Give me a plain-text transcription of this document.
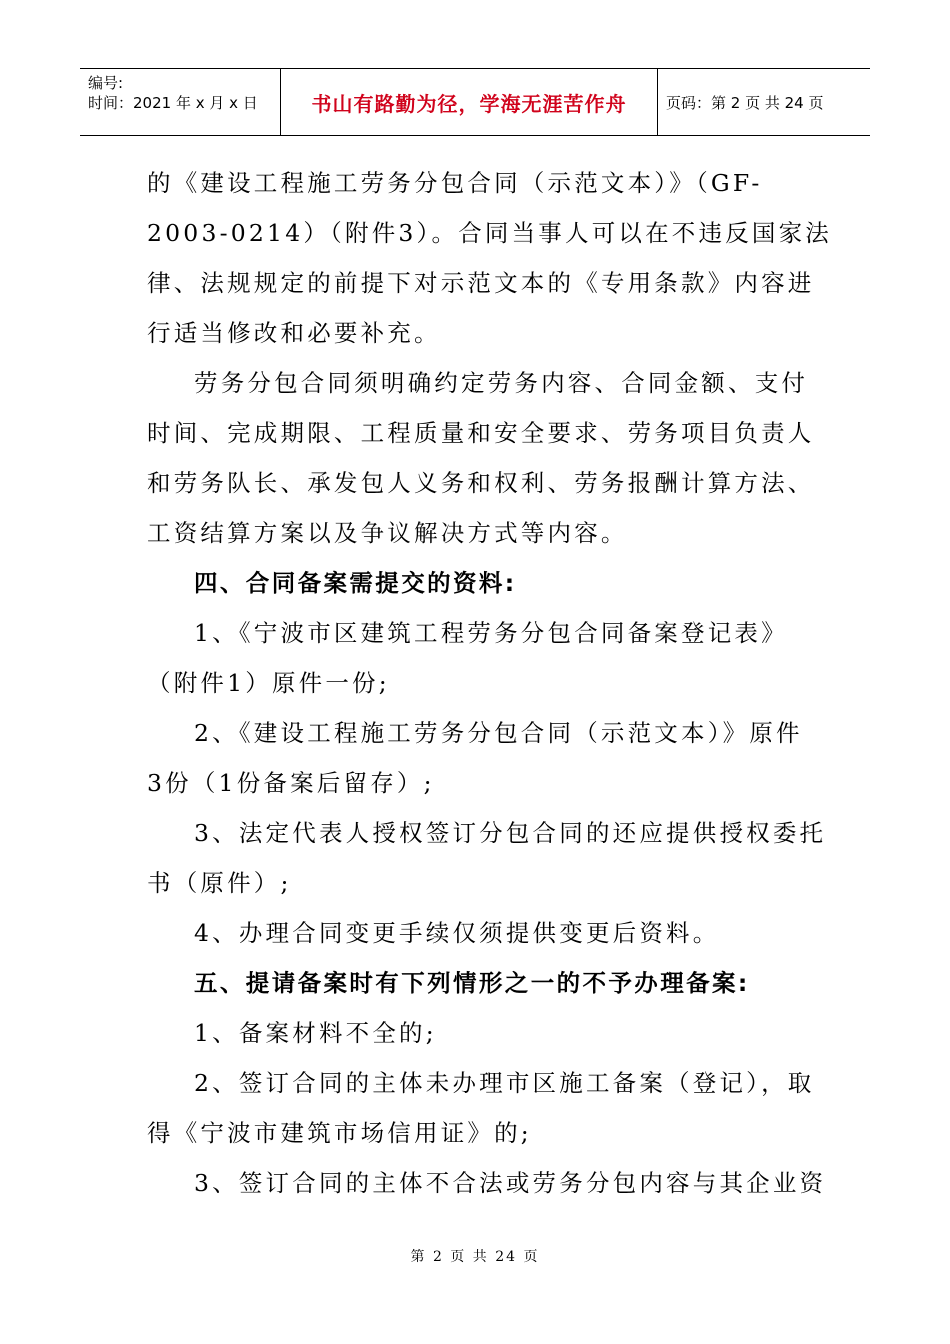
编号:
时间：2021 年 x 月 x 日	书山有路勤为径，学海无涯苦作舟	页码：第 2 页 共 24 页
的《建设工程施工劳务分包合同（示范文本）》（GF-
2003-0214）（附件3）。合同当事人可以在不违反国家法
律、法规规定的前提下对示范文本的《专用条款》内容进
行适当修改和必要补充。
劳务分包合同须明确约定劳务内容、合同金额、支付
时间、完成期限、工程质量和安全要求、劳务项目负责人
和劳务队长、承发包人义务和权利、劳务报酬计算方法、
工资结算方案以及争议解决方式等内容。
四、合同备案需提交的资料:
1、《宁波市区建筑工程劳务分包合同备案登记表》
（附件1）原件一份;
2、《建设工程施工劳务分包合同（示范文本）》原件
3份（1份备案后留存）;
3、法定代表人授权签订分包合同的还应提供授权委托
书（原件）;
4、办理合同变更手续仅须提供变更后资料。
五、提请备案时有下列情形之一的不予办理备案:
1、备案材料不全的;
2、签订合同的主体未办理市区施工备案（登记），取
得《宁波市建筑市场信用证》的;
3、签订合同的主体不合法或劳务分包内容与其企业资
第 2 页 共 24 页
